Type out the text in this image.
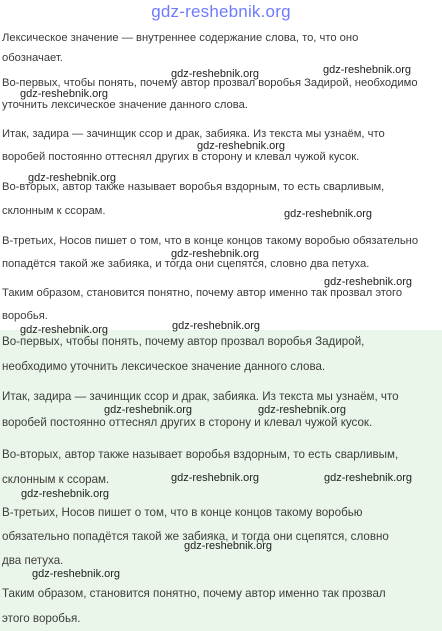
gdz-reshebnik.org

Лексическое значение — внутреннее содержание слова, то, что оно

обозначает.

Во-первых, чтобы понять, почему автор прозвал воробья Задирой, необходимо

уточнить лексическое значение данного слова.

Итак, задира — зачинщик ссор и драк, забияка. Из текста мы узнаём, что

воробей постоянно оттеснял других в сторону и клевал чужой кусок.

Во-вторых, автор также называет воробья вздорным, то есть сварливым,

склонным к ссорам.

В-третьих, Носов пишет о том, что в конце концов такому воробью обязательно

попадётся такой же забияка, и тогда они сцепятся, словно два петуха.

Таким образом, становится понятно, почему автор именно так прозвал этого

воробья.

Во-первых, чтобы понять, почему автор прозвал воробья Задирой,

необходимо уточнить лексическое значение данного слова.

Итак, задира — зачинщик ссор и драк, забияка. Из текста мы узнаём, что

воробей постоянно оттеснял других в сторону и клевал чужой кусок.

Во-вторых, автор также называет воробья вздорным, то есть сварливым,

склонным к ссорам.

В-третьих, Носов пишет о том, что в конце концов такому воробью

обязательно попадётся такой же забияка, и тогда они сцепятся, словно

два петуха.

Таким образом, становится понятно, почему автор именно так прозвал

этого воробья.

gdz-reshebnik.org	gdz-reshebnik.org
gdz-reshebnik.org
gdz-reshebnik.org
gdz-reshebnik.org
gdz-reshebnik.org
gdz-reshebnik.org
gdz-reshebnik.org
gdz-reshebnik.org	gdz-reshebnik.org
gdz-reshebnik.org	gdz-reshebnik.org
gdz-reshebnik.org	gdz-reshebnik.org
gdz-reshebnik.org
gdz-reshebnik.org
gdz-reshebnik.org
